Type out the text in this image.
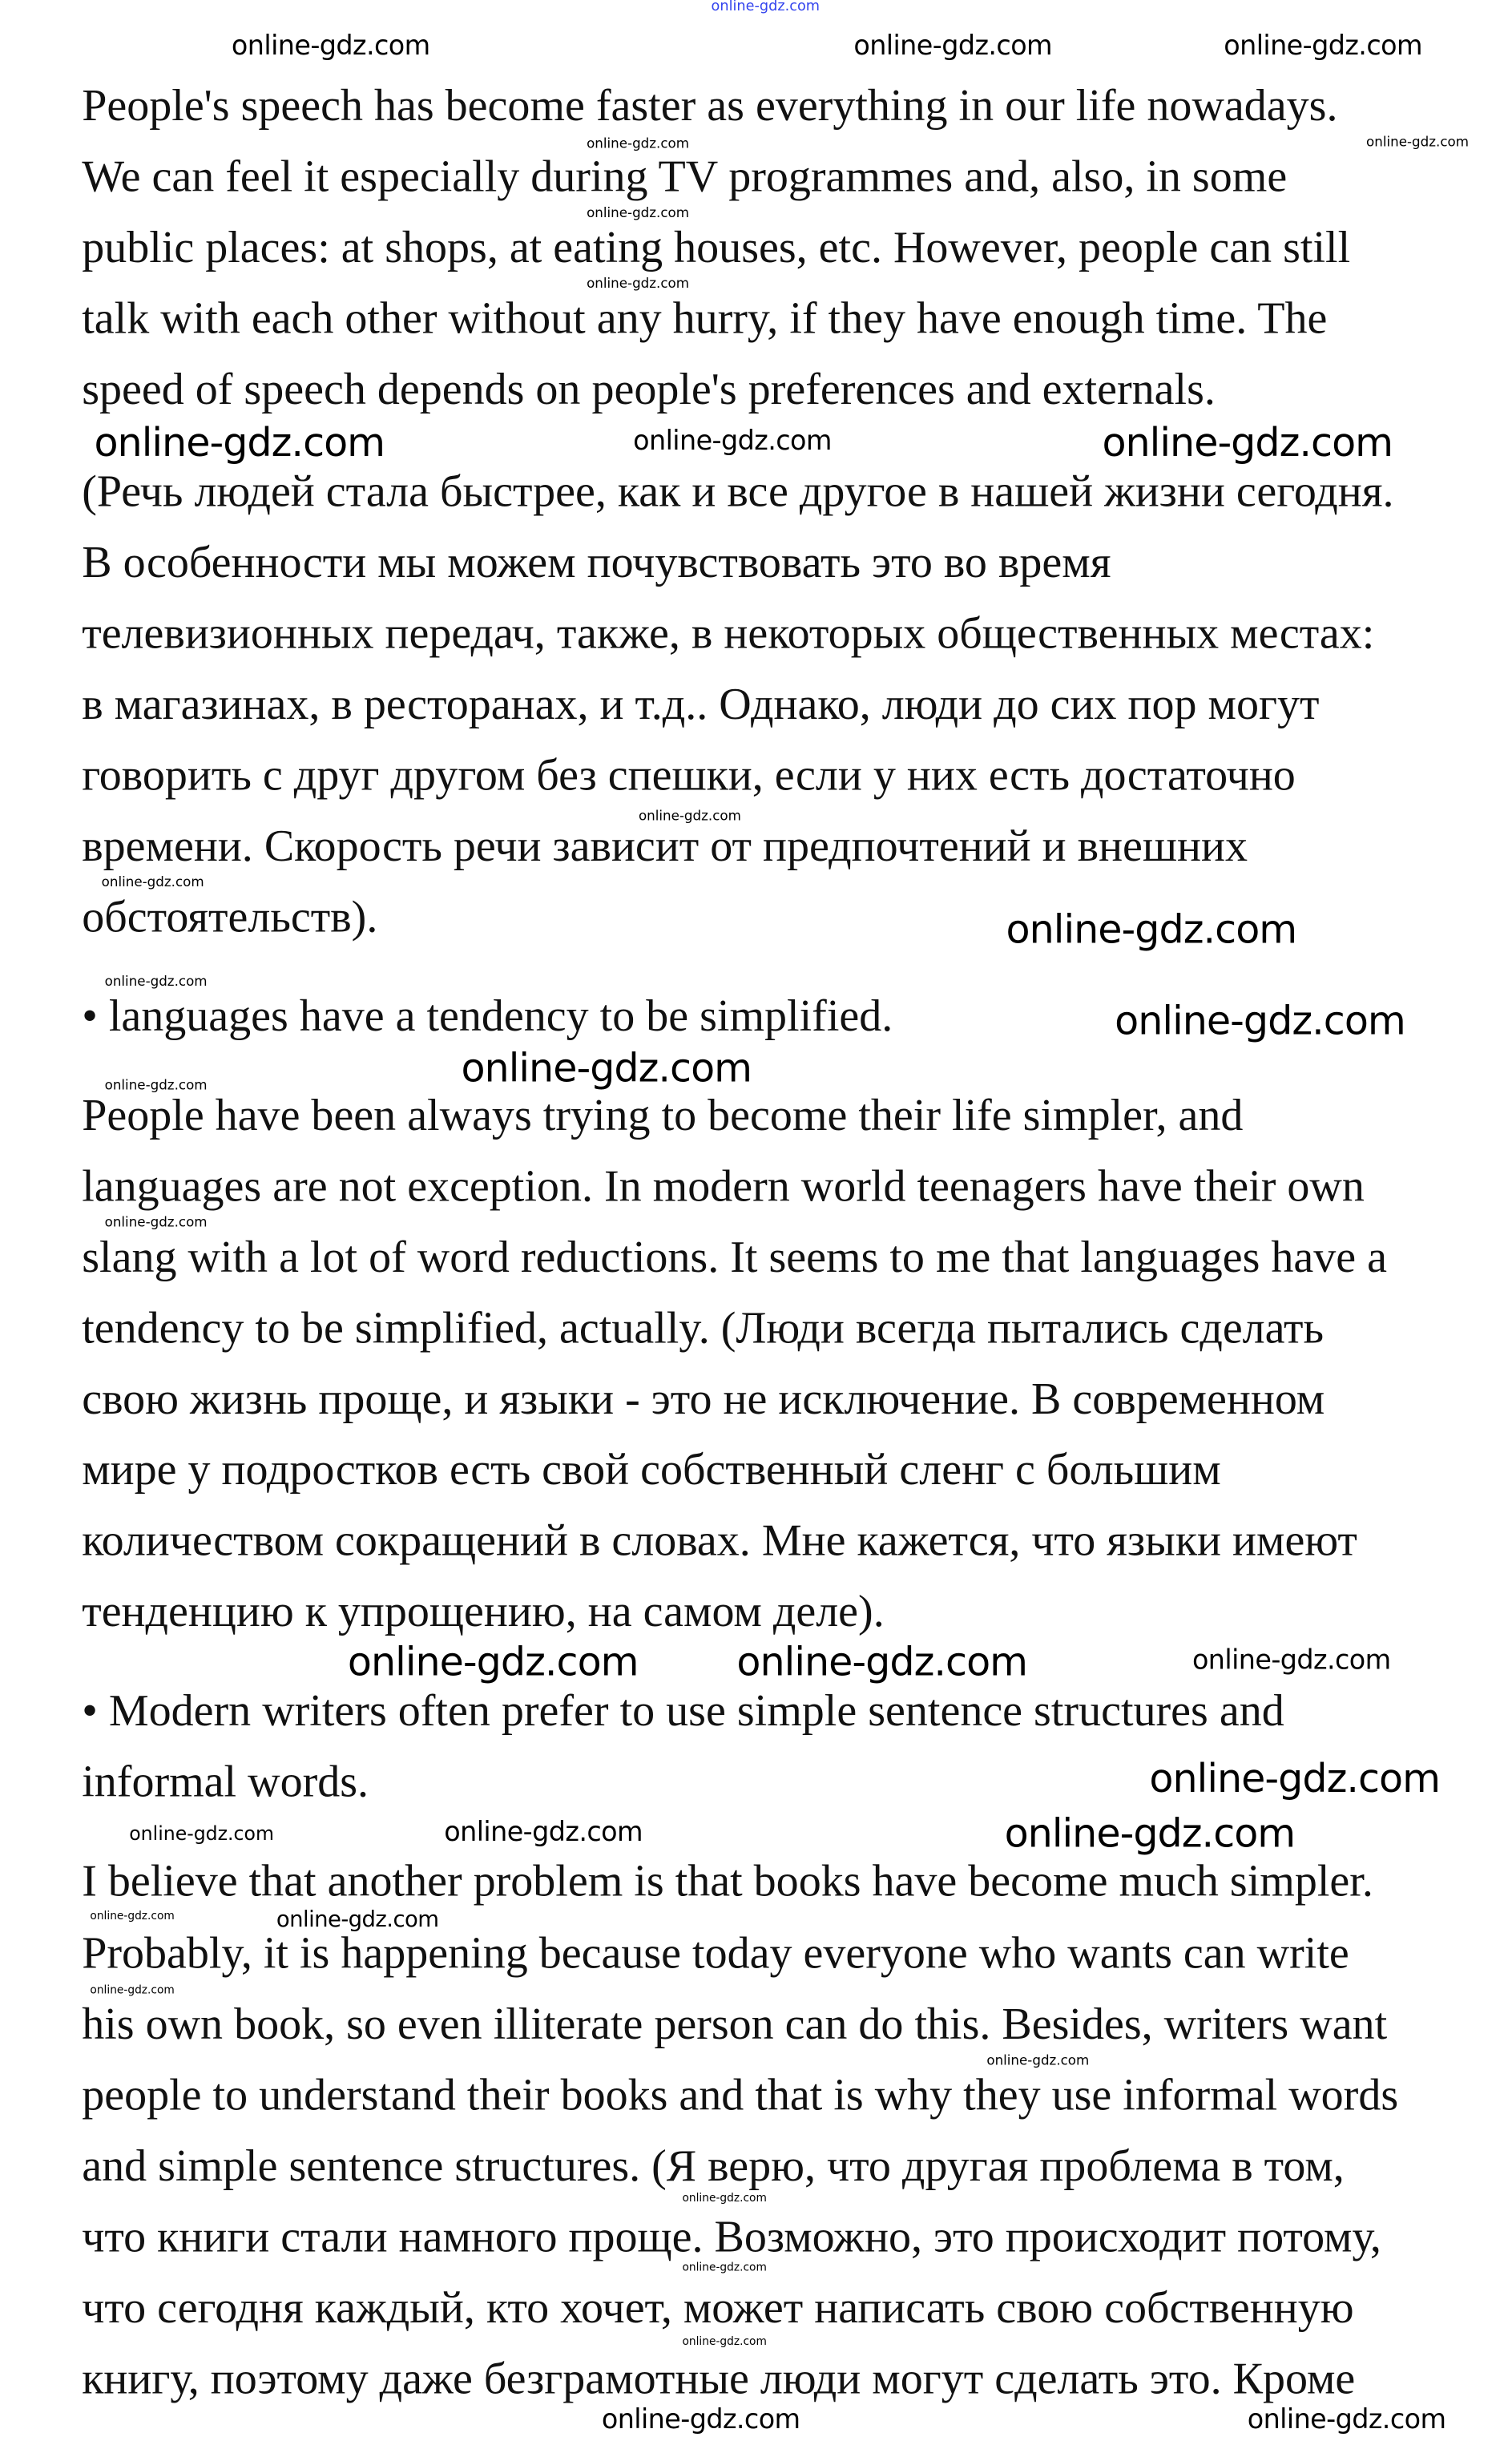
People's speech has become faster as everything in our life nowadays.
We can feel it especially during TV programmes and, also, in some
public places: at shops, at eating houses, etc. However, people can still
talk with each other without any hurry, if they have enough time. The
speed of speech depends on people's preferences and externals.
(Речь людей стала быстрее, как и все другое в нашей жизни сегодня.
В особенности мы можем почувствовать это во время
телевизионных передач, также, в некоторых общественных местах:
в магазинах, в ресторанах, и т.д.. Однако, люди до сих пор могут
говорить с друг другом без спешки, если у них есть достаточно
времени. Скорость речи зависит от предпочтений и внешних
обстоятельств).
• languages have a tendency to be simplified.
People have been always trying to become their life simpler, and
languages are not exception. In modern world teenagers have their own
slang with a lot of word reductions. It seems to me that languages have a
tendency to be simplified, actually. (Люди всегда пытались сделать
свою жизнь проще, и языки - это не исключение. В современном
мире у подростков есть свой собственный сленг с большим
количеством сокращений в словах. Мне кажется, что языки имеют
тенденцию к упрощению, на самом деле).
• Modern writers often prefer to use simple sentence structures and
informal words.
I believe that another problem is that books have become much simpler.
Probably, it is happening because today everyone who wants can write
his own book, so even illiterate person can do this. Besides, writers want
people to understand their books and that is why they use informal words
and simple sentence structures. (Я верю, что другая проблема в том,
что книги стали намного проще. Возможно, это происходит потому,
что сегодня каждый, кто хочет, может написать свою собственную
книгу, поэтому даже безграмотные люди могут сделать это. Кроме
online-gdz.com
online-gdz.com	online-gdz.com	online-gdz.com
online-gdz.com
online-gdz.com
online-gdz.com
online-gdz.com
online-gdz.com	online-gdz.com	online-gdz.com
online-gdz.com
online-gdz.com
online-gdz.com
online-gdz.com
online-gdz.com
online-gdz.com
online-gdz.com
online-gdz.com
online-gdz.com	online-gdz.com	online-gdz.com
online-gdz.com
online-gdz.com	online-gdz.com	online-gdz.com
online-gdz.com	online-gdz.com
online-gdz.com
online-gdz.com
online-gdz.com
online-gdz.com
online-gdz.com
online-gdz.com	online-gdz.com
